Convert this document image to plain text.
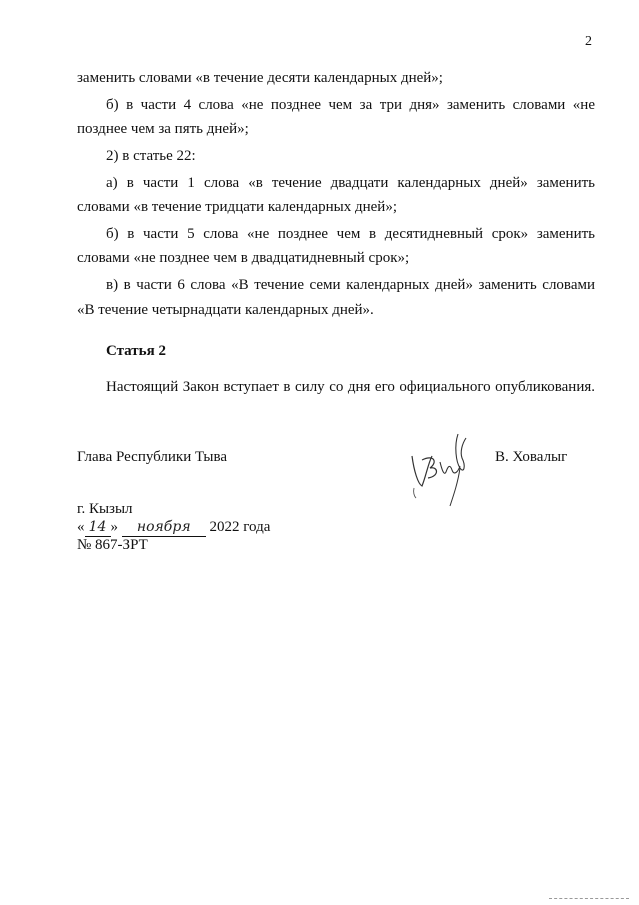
2
заменить словами «в течение десяти календарных дней»;
б) в части 4 слова «не позднее чем за три дня» заменить словами «не
позднее чем за пять дней»;
2) в статье 22:
а) в части 1 слова «в течение двадцати календарных дней» заменить
словами «в течение тридцати календарных дней»;
б) в части 5 слова «не позднее чем в десятидневный срок» заменить
словами «не позднее чем в двадцатидневный срок»;
в) в части 6 слова «В течение семи календарных дней» заменить словами
«В течение четырнадцати календарных дней».
Статья 2
Настоящий Закон вступает в силу со дня его официального опубликования.
Глава Республики Тыва	В. Ховалыг
г. Кызыл
« 14 » ноября 2022 года
№ 867-ЗРТ
